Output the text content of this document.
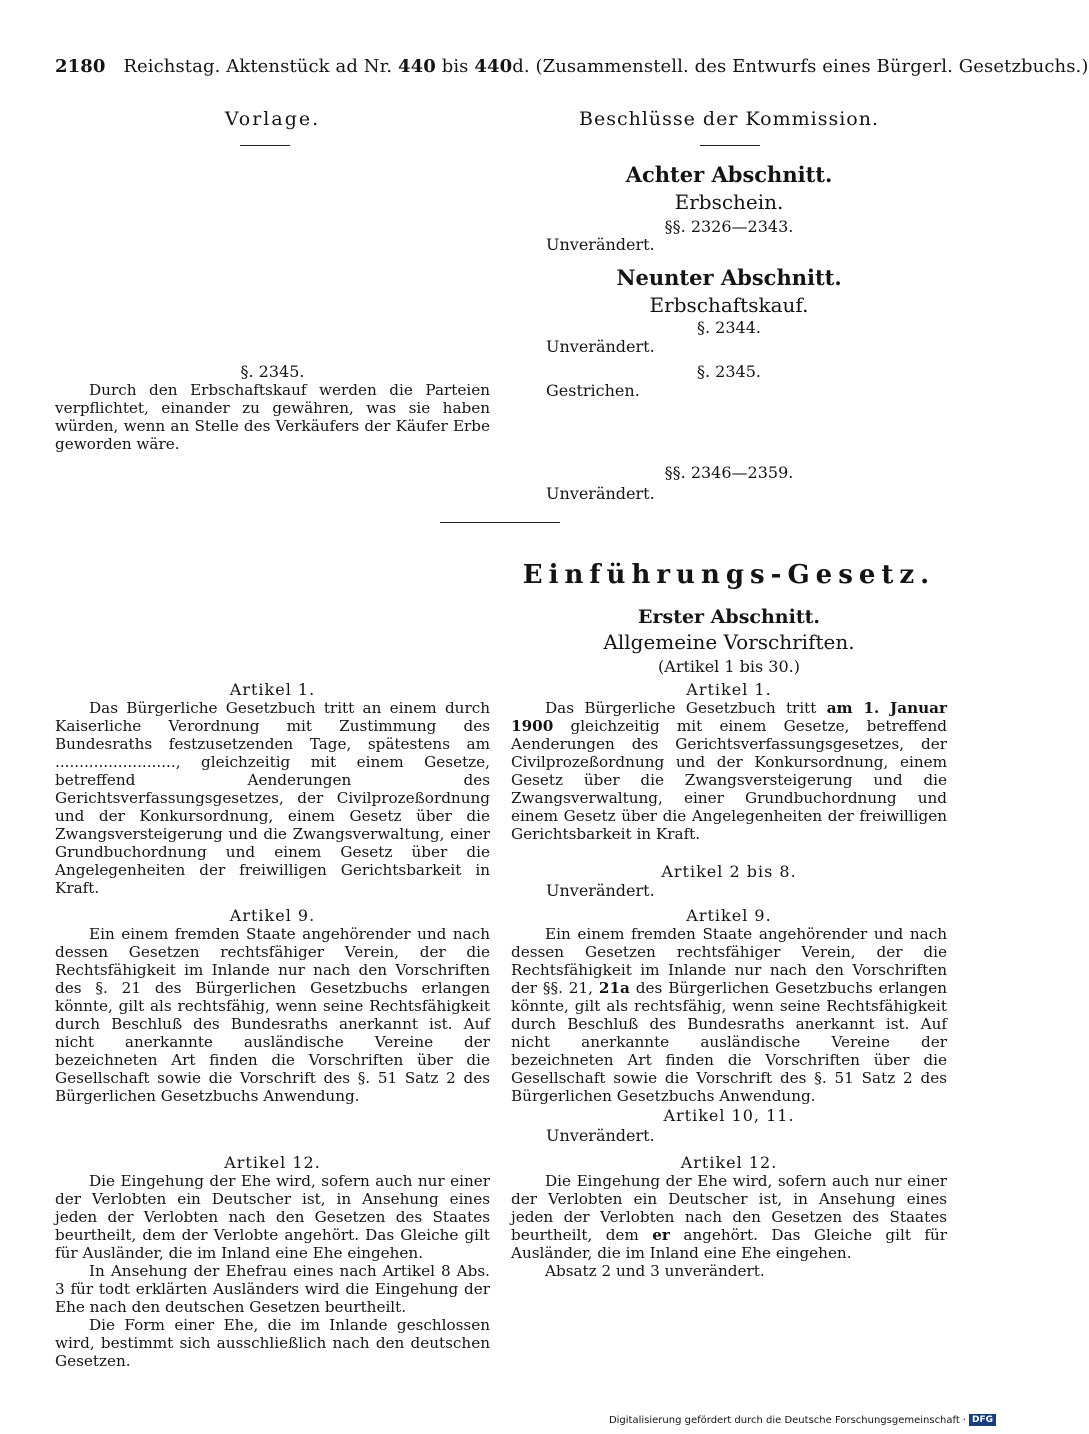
2180 Reichstag. Aktenstück ad Nr. 440 bis 440d. (Zusammenstell. des Entwurfs eines Bürgerl. Gesetzbuchs.)
Vorlage.	Beschlüsse der Kommission.
Achter Abschnitt.
Erbschein.
§§. 2326—2343.
Unverändert.
Neunter Abschnitt.
Erbschaftskauf.
§. 2344.
Unverändert.
§. 2345.
Gestrichen.
§§. 2346—2359.
Unverändert.
§. 2345.

Durch den Erbschaftskauf werden die Parteien verpflichtet, einander zu gewähren, was sie haben würden, wenn an Stelle des Verkäufers der Käufer Erbe geworden wäre.

Einführungs-Gesetz.
Erster Abschnitt.
Allgemeine Vorschriften.
(Artikel 1 bis 30.)
Artikel 1.

Das Bürgerliche Gesetzbuch tritt an einem durch Kaiserliche Verordnung mit Zustimmung des Bundesraths festzusetzenden Tage, spätestens am ........................., gleichzeitig mit einem Gesetze, betreffend Aenderungen des Gerichtsverfassungsgesetzes, der Civilprozeßordnung und der Konkursordnung, einem Gesetz über die Zwangsversteigerung und die Zwangsverwaltung, einer Grundbuchordnung und einem Gesetz über die Angelegenheiten der freiwilligen Gerichtsbarkeit in Kraft.

Artikel 1.

Das Bürgerliche Gesetzbuch tritt am 1. Januar 1900 gleichzeitig mit einem Gesetze, betreffend Aenderungen des Gerichtsverfassungsgesetzes, der Civilprozeßordnung und der Konkursordnung, einem Gesetz über die Zwangsversteigerung und die Zwangsverwaltung, einer Grundbuchordnung und einem Gesetz über die Angelegenheiten der freiwilligen Gerichtsbarkeit in Kraft.

Artikel 2 bis 8.
Unverändert.
Artikel 9.

Ein einem fremden Staate angehörender und nach dessen Gesetzen rechtsfähiger Verein, der die Rechtsfähigkeit im Inlande nur nach den Vorschriften des §. 21 des Bürgerlichen Gesetzbuchs erlangen könnte, gilt als rechtsfähig, wenn seine Rechtsfähigkeit durch Beschluß des Bundesraths anerkannt ist. Auf nicht anerkannte ausländische Vereine der bezeichneten Art finden die Vorschriften über die Gesellschaft sowie die Vorschrift des §. 51 Satz 2 des Bürgerlichen Gesetzbuchs Anwendung.

Artikel 9.

Ein einem fremden Staate angehörender und nach dessen Gesetzen rechtsfähiger Verein, der die Rechtsfähigkeit im Inlande nur nach den Vorschriften der §§. 21, 21a des Bürgerlichen Gesetzbuchs erlangen könnte, gilt als rechtsfähig, wenn seine Rechtsfähigkeit durch Beschluß des Bundesraths anerkannt ist. Auf nicht anerkannte ausländische Vereine der bezeichneten Art finden die Vorschriften über die Gesellschaft sowie die Vorschrift des §. 51 Satz 2 des Bürgerlichen Gesetzbuchs Anwendung.

Artikel 10, 11.
Unverändert.
Artikel 12.

Die Eingehung der Ehe wird, sofern auch nur einer der Verlobten ein Deutscher ist, in Ansehung eines jeden der Verlobten nach den Gesetzen des Staates beurtheilt, dem der Verlobte angehört. Das Gleiche gilt für Ausländer, die im Inland eine Ehe eingehen.

In Ansehung der Ehefrau eines nach Artikel 8 Abs. 3 für todt erklärten Ausländers wird die Eingehung der Ehe nach den deutschen Gesetzen beurtheilt.

Die Form einer Ehe, die im Inlande geschlossen wird, bestimmt sich ausschließlich nach den deutschen Gesetzen.

Artikel 12.

Die Eingehung der Ehe wird, sofern auch nur einer der Verlobten ein Deutscher ist, in Ansehung eines jeden der Verlobten nach den Gesetzen des Staates beurtheilt, dem er angehört. Das Gleiche gilt für Ausländer, die im Inland eine Ehe eingehen.

Absatz 2 und 3 unverändert.

Digitalisierung gefördert durch die Deutsche Forschungsgemeinschaft · DFG
